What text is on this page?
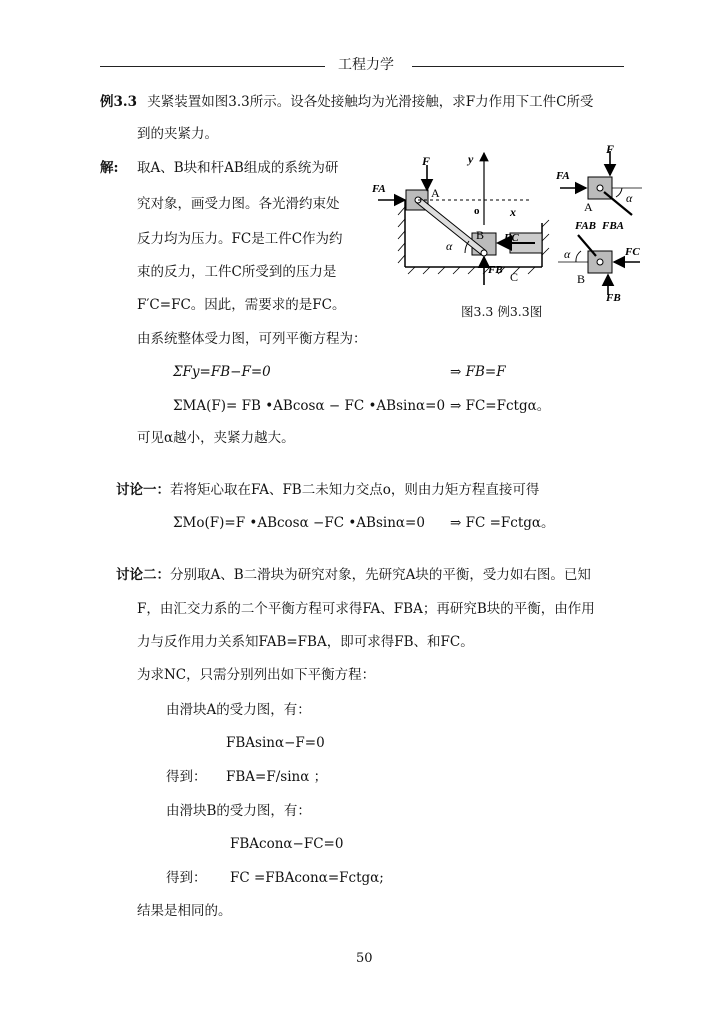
工程力学
例3.3 夹紧装置如图3.3所示。设各处接触均为光滑接触，求F力作用下工件C所受
到的夹紧力。
解: 取A、B块和杆AB组成的系统为研
究对象，画受力图。各光滑约束处
反力均为压力。FC是工件C作为约
束的反力，工件C所受到的压力是
F′C=FC。因此，需要求的是FC。
F	y
FA	A
o	x
α
B FC
C
FB
F
FA
α
A
FBA
FAB
α	FC
B
FB
图3.3 例3.3图
由系统整体受力图，可列平衡方程为：
ΣFy=FB−F=0	⇒ FB=F
ΣMA(F)= FB •ABcosα − FC •ABsinα=0 ⇒ FC=Fctgα。
可见α越小，夹紧力越大。
讨论一：若将矩心取在FA、FB二未知力交点o，则由力矩方程直接可得
ΣMo(F)=F •ABcosα −FC •ABsinα=0 ⇒ FC =Fctgα。
讨论二：分别取A、B二滑块为研究对象，先研究A块的平衡，受力如右图。已知
F，由汇交力系的二个平衡方程可求得FA、FBA；再研究B块的平衡，由作用
力与反作用力关系知FAB=FBA，即可求得FB、和FC。
为求NC，只需分别列出如下平衡方程：
由滑块A的受力图，有：
FBAsinα−F=0
得到： FBA=F/sinα ；
由滑块B的受力图，有：
FBAconα−FC=0
得到： FC =FBAconα=Fctgα;
结果是相同的。
50
